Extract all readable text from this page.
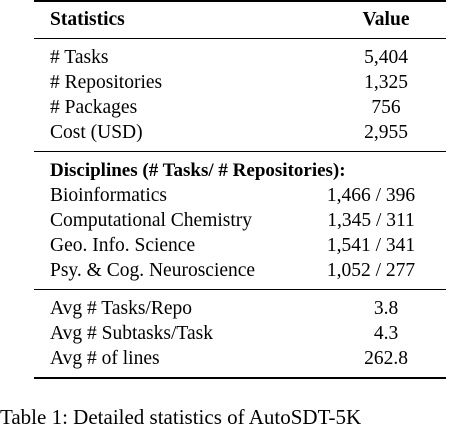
Statistics	Value
# Tasks	5,404
# Repositories	1,325
# Packages	756
Cost (USD)	2,955
Disciplines (# Tasks/ # Repositories):
Bioinformatics	1,466 / 396
Computational Chemistry	1,345 / 311
Geo. Info. Science	1,541 / 341
Psy. & Cog. Neuroscience	1,052 / 277
Avg # Tasks/Repo	3.8
Avg # Subtasks/Task	4.3
Avg # of lines	262.8
Table 1: Detailed statistics of AutoSDT-5K
